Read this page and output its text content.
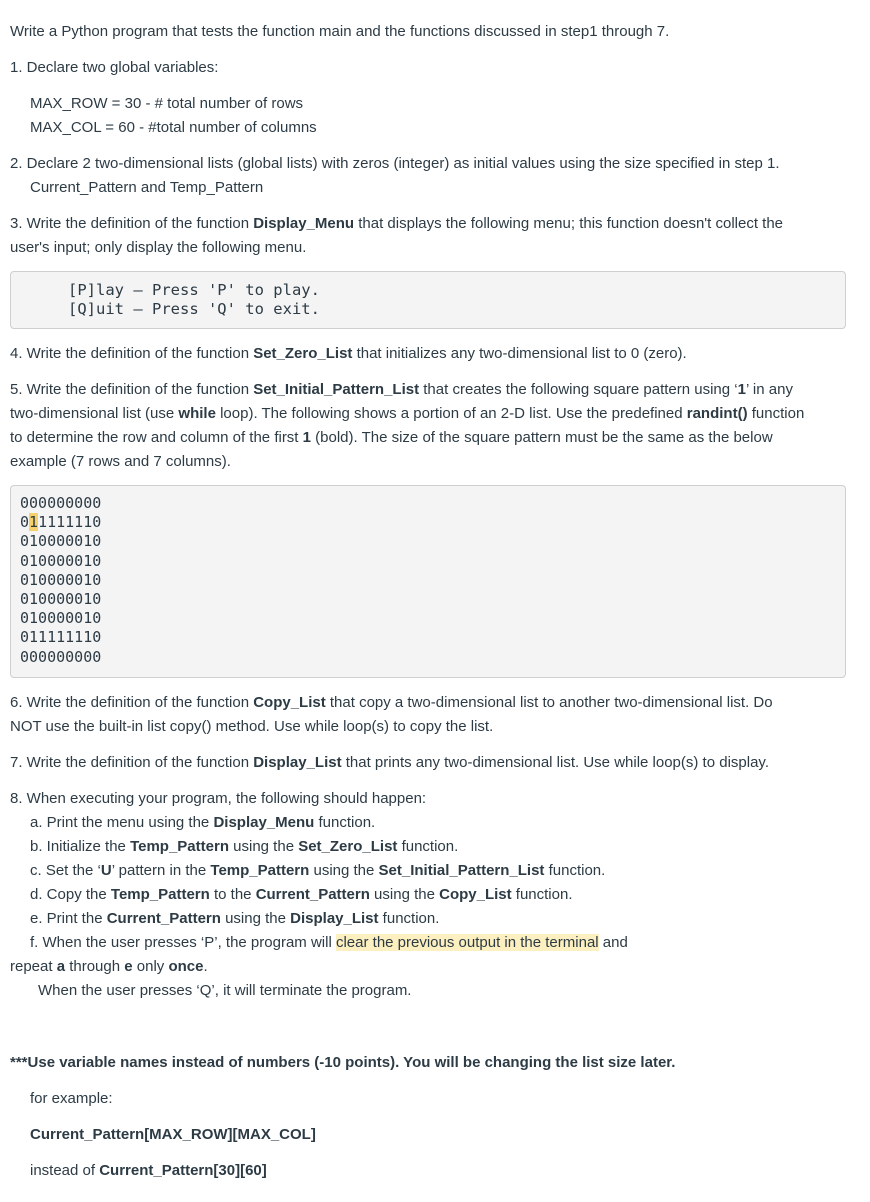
Write a Python program that tests the function main and the functions discussed in step1 through 7.
1. Declare two global variables:
MAX_ROW = 30 - # total number of rows
MAX_COL = 60 - #total number of columns
2. Declare 2 two-dimensional lists (global lists) with zeros (integer) as initial values using the size specified in step 1.
Current_Pattern and Temp_Pattern
3. Write the definition of the function Display_Menu that displays the following menu; this function doesn't collect the
user's input; only display the following menu.
[P]lay – Press 'P' to play.
[Q]uit – Press 'Q' to exit.
4. Write the definition of the function Set_Zero_List that initializes any two-dimensional list to 0 (zero).
5. Write the definition of the function Set_Initial_Pattern_List that creates the following square pattern using ‘1’ in any
two-dimensional list (use while loop). The following shows a portion of an 2-D list. Use the predefined randint() function
to determine the row and column of the first 1 (bold). The size of the square pattern must be the same as the below
example (7 rows and 7 columns).
000000000
011111110
010000010
010000010
010000010
010000010
010000010
011111110
000000000
6. Write the definition of the function Copy_List that copy a two-dimensional list to another two-dimensional list. Do
NOT use the built-in list copy() method. Use while loop(s) to copy the list.
7. Write the definition of the function Display_List that prints any two-dimensional list. Use while loop(s) to display.
8. When executing your program, the following should happen:
a. Print the menu using the Display_Menu function.
b. Initialize the Temp_Pattern using the Set_Zero_List function.
c. Set the ‘U’ pattern in the Temp_Pattern using the Set_Initial_Pattern_List function.
d. Copy the Temp_Pattern to the Current_Pattern using the Copy_List function.
e. Print the Current_Pattern using the Display_List function.
f. When the user presses ‘P’, the program will clear the previous output in the terminal and
repeat a through e only once.
When the user presses ‘Q’, it will terminate the program.
***Use variable names instead of numbers (-10 points). You will be changing the list size later.
for example:
Current_Pattern[MAX_ROW][MAX_COL]
instead of Current_Pattern[30][60]
